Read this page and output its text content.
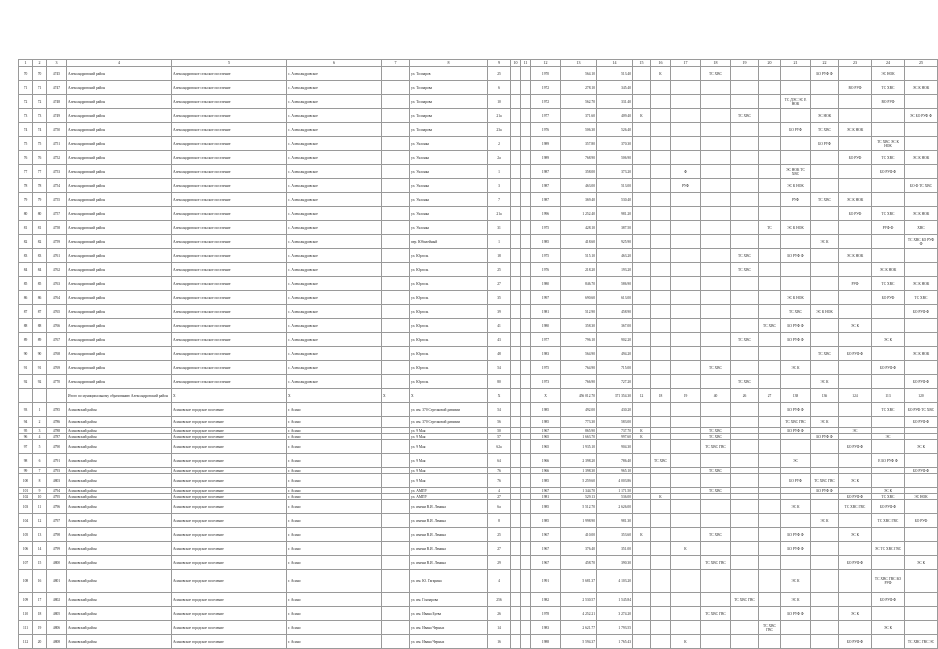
1	2	3	4	5	6	7	8	9	10	11	12	13	14	15	16	17	18	19	20	21	22	23	24	25
70	70	4745	Александровский район	Александровское сельское поселение	с. Александровское		ул. Толпаров	25			1970	564.10	513.40		К		ТС ХВС				БО РУФ Ф		ЭС НОК	
71	71	4747	Александровский район	Александровское сельское поселение	с. Александровское		ул. Толпарова	6			1972	278.10	345.40									ВО РУФ	ТС ХВС	ЭС К НОК
72	72	4748	Александровский район	Александровское сельское поселение	с. Александровское		ул. Толпарова	10			1972	562.70	331.40							ТС ДЭС ЭС Е НОК			ВО РУФ	
73	73	4749	Александровский район	Александровское сельское поселение	с. Александровское		ул. Толпарова	21а			1977	371.60	409.40	К				ТС ХВС			ЭС НОК			ЭС БО РУФ Ф
74	74	4750	Александровский район	Александровское сельское поселение	с. Александровское		ул. Толпарова	23а			1976	506.30	526.40							БО РУФ	ТС ХВС	ЭС К НОК		
75	75	4751	Александровский район	Александровское сельское поселение	с. Александровское		ул. Уклонка	2			1989	357.80	370.30								БО РУФ		ТС ХВС ЭС К НОК	
76	76	4752	Александровский район	Александровское сельское поселение	с. Александровское		ул. Уклонка	2а			1989	768.90	506.90									БО РУФ	ТС ХВС	ЭС К НОК
77	77	4753	Александровский район	Александровское сельское поселение	с. Александровское		ул. Уклонка	1			1987	358.00	373.20			Ф				ЭС НОК ТС ХВС			БО РУФ Ф	
78	78	4754	Александровский район	Александровское сельское поселение	с. Александровское		ул. Уклонка	3			1987	463.00	513.00			РУФ				ЭС К НОК				БО Ф ТС ХВС
79	79	4755	Александровский район	Александровское сельское поселение	с. Александровское		ул. Уклонка	7			1987	369.40	530.40							РУФ	ТС ХВС	ЭС К НОК		
80	80	4757	Александровский район	Александровское сельское поселение	с. Александровское		ул. Уклонка	21а			1996	1 252.40	981.20									БО РУФ	ТС ХВС	ЭС К НОК
81	81	4758	Александровский район	Александровское сельское поселение	с. Александровское		ул. Уклонка	31			1975	428.10	387.50						ТС	ЭС К НОК			РУФ Ф	ХВС
82	82	4759	Александровский район	Александровское сельское поселение	с. Александровское		пер. Юбилейный	1			1985	418.60	925.90								ЭС К			ТС ХВС БО РУФ Ф
83	83	4761	Александровский район	Александровское сельское поселение	с. Александровское		ул. Юрголь	18			1975	515.10	463.20					ТС ХВС		БО РУФ Ф		ЭС К НОК		
84	84	4762	Александровский район	Александровское сельское поселение	с. Александровское		ул. Юрголь	25			1976	218.20	193.20					ТС ХВС					ЭС К НОК	
85	85	4763	Александровский район	Александровское сельское поселение	с. Александровское		ул. Юрголь	27			1980	846.70	586.90									РУФ	ТС ХВС	ЭС К НОК
86	86	4764	Александровский район	Александровское сельское поселение	с. Александровское		ул. Юрголь	35			1997	690.60	613.00							ЭС К НОК			БО РУФ	ТС ХВС
87	87	4765	Александровский район	Александровское сельское поселение	с. Александровское		ул. Юрголь	39			1981	512.90	458.90							ТС ХВС	ЭС К НОК			БО РУФ Ф
88	88	4766	Александровский район	Александровское сельское поселение	с. Александровское		ул. Юрголь	41			1980	358.30	367.00						ТС ХВС	БО РУФ Ф		ЭС К		
89	89	4767	Александровский район	Александровское сельское поселение	с. Александровское		ул. Юрголь	43			1977	796.10	902.20					ТС ХВС		БО РУФ Ф			ЭС К	
90	90	4768	Александровский район	Александровское сельское поселение	с. Александровское		ул. Юрголь	48			1983	564.90	494.20								ТС ХВС	БО РУФ Ф		ЭС К НОК
91	91	4769	Александровский район	Александровское сельское поселение	с. Александровское		ул. Юрголь	54			1975	764.90	715.00				ТС ХВС			ЭС К			БО РУФ Ф	
92	92	4770	Александровский район	Александровское сельское поселение	с. Александровское		ул. Юрголь	80			1973	766.90	727.20					ТС ХВС			ЭС К			БО РУФ Ф
			Итого по муниципальному образованию Александровский район	Х	Х	Х	Х	Х			Х	456 012.70	371 354.30	12	18	19	40	26	27	138	136	124	113	120
93	1	4785	Асиновский район	Асиновское городское поселение	г. Асино		ул. им. 370 Стрелковой дивизии	54			1985	492.00	430.20							БО РУФ Ф			ТС ХВС	БО РУФ ТС ХВС
94	2	4786	Асиновский район	Асиновское городское поселение	г. Асино		ул. им. 370 Стрелковой дивизии	56			1985	773.30	583.00							ТС ХВС ГВС	ЭС К			БО РУФ Ф
95	3	4788	Асиновский район	Асиновское городское поселение	г. Асино		ул. 9 Мая	50			1967	865.90	737.70	К			ТС ХВС			БО РУФ Ф		ЭС		
96	4	4787	Асиновский район	Асиновское городское поселение	г. Асино		ул. 9 Мая	57			1965	1 663.70	997.60	К			ТС ХВС				БО РУФ Ф		ЭС	
97	5	4790	Асиновский район	Асиновское городское поселение	г. Асино		ул. 9 Мая	62а			1965	1 935.10	904.30				ТС ХВС ГВС					БО РУФ Ф		ЭС К
98	6	4791	Асиновский район	Асиновское городское поселение	г. Асино		ул. 9 Мая	64			1966	2 398.20	786.40		ТС ХВС					ЭС			Е БО РУФ Ф	
99	7	4793	Асиновский район	Асиновское городское поселение	г. Асино		ул. 9 Мая	76			1966	1 398.30	965.10				ТС ХВС							БО РУФ Ф
100	8	4803	Асиновский район	Асиновское городское поселение	г. Асино		ул. 9 Мая	76			1985	5 259.60	4 003.86							БО РУФ	ТС ХВС ГВС	ЭС К		
101	9	4794	Асиновский район	Асиновское городское поселение	г. Асино		ул. АМПУ	4			1967	1 344.70	1 171.50				ТС ХВС				БО РУФ Ф		ЭС К	
102	10	4795	Асиновский район	Асиновское городское поселение	г. Асино		ул. АМПУ	27			1981	529.13	536.00		К							БО РУФ Ф	ТС ХВС	ЭС НОК
103	11	4796	Асиновский район	Асиновское городское поселение	г. Асино		ул. имени В.И. Ленина	6а			1985	5 512.70	2 626.00							ЭС К		ТС ХВС ГВС	БО РУФ Ф	
104	12	4797	Асиновский район	Асиновское городское поселение	г. Асино		ул. имени В.И. Ленина	8			1985	1 998.90	981.30								ЭС К		ТС ХВС ГВС	БО РУФ
105	13	4798	Асиновский район	Асиновское городское поселение	г. Асино		ул. имени В.И. Ленина	25			1967	410.00	353.60	К			ТС ХВС			БО РУФ Ф		ЭС К		
106	14	4799	Асиновский район	Асиновское городское поселение	г. Асино		ул. имени В.И. Ленина	27			1967	376.40	351.00			К				БО РУФ Ф			ЭС ТС ХВС ГВС	
107	15	4800	Асиновский район	Асиновское городское поселение	г. Асино		ул. имени В.И. Ленина	29			1967	458.70	390.30				ТС ХВС ГВС					БО РУФ Ф		ЭС К
108	16	4801	Асиновский район	Асиновское городское поселение	г. Асино		ул. им. Ю. Гагарина	4			1991	5 681.37	4 103.20							ЭС К			ТС ХВС ГВС БО РУФ	
109	17	4802	Асиновский район	Асиновское городское поселение	г. Асино		ул. им. Гончарова	256			1982	2 530.57	1 545.84					ТС ХВС ГВС		ЭС К			БО РУФ Ф	
110	18	4805	Асиновский район	Асиновское городское поселение	г. Асино		ул. им. Ивана Буева	26			1978	4 252.21	3 274.20				ТС ХВС ГВС			БО РУФ Ф		ЭС К		
111	19	4806	Асиновский район	Асиновское городское поселение	г. Асино		ул. им. Ивана Черных	14			1983	2 621.77	1 793.55						ТС ХВС ГВС				ЭС К	
112	20	4808	Асиновский район	Асиновское городское поселение	г. Асино		ул. им. Ивана Черных	16			1988	5 594.37	1 765.43			К						БО РУФ Ф		ТС ХВС ГВС ЭС
